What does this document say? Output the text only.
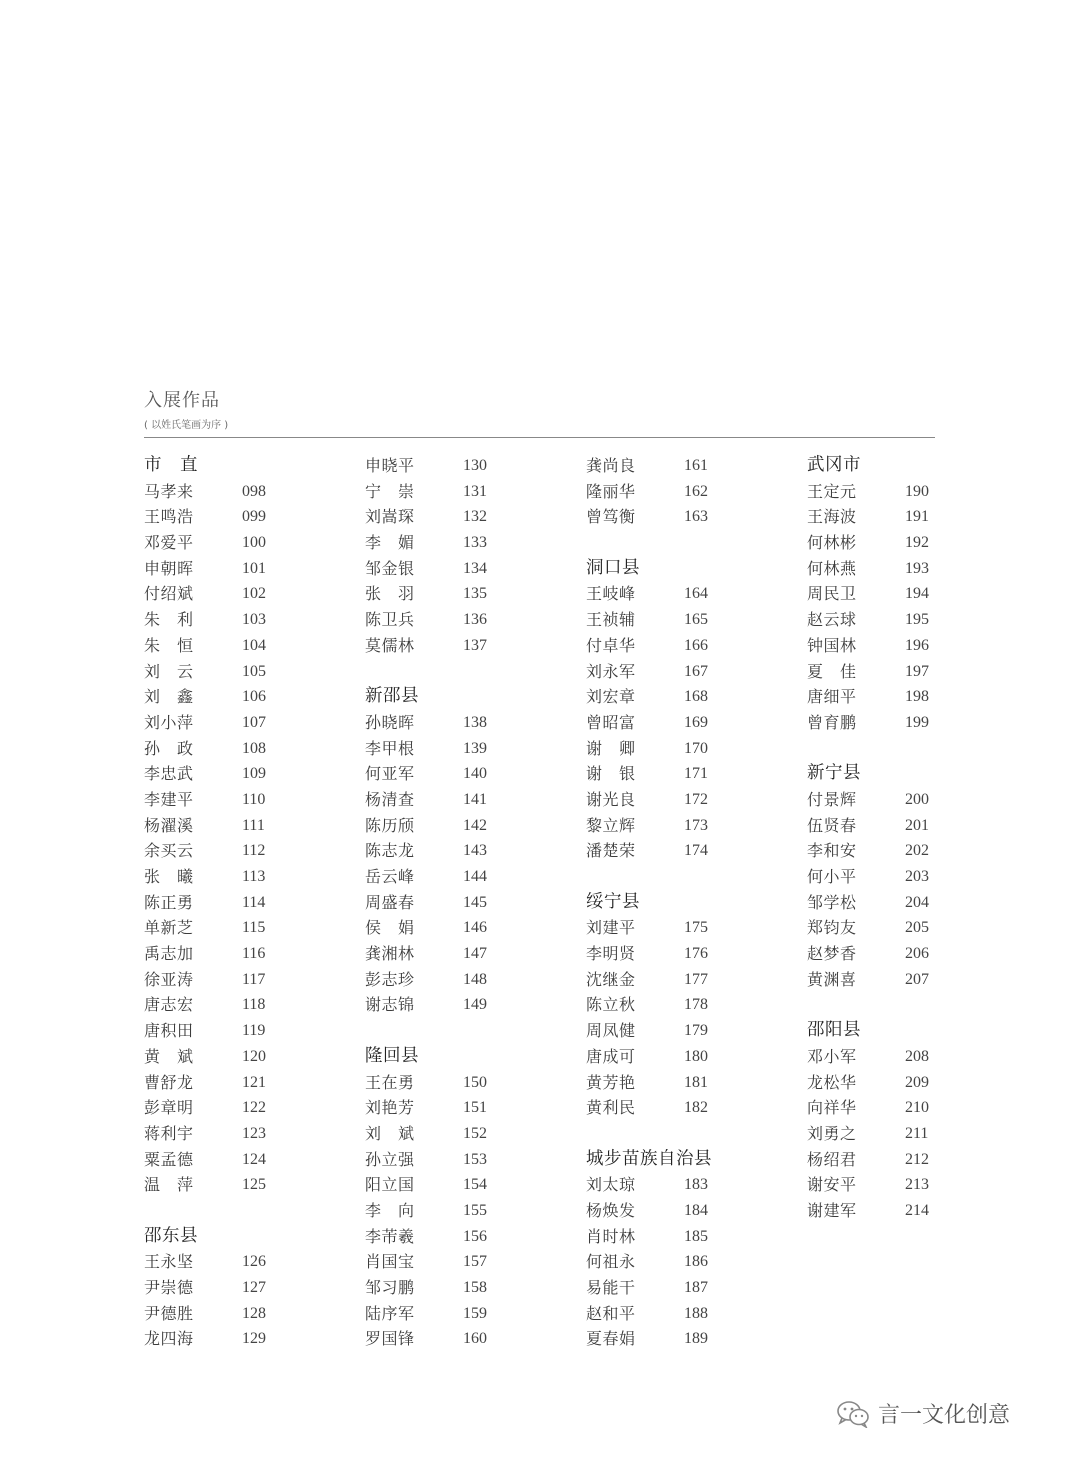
入展作品
( 以姓氏笔画为序 )
市　直
马孝来	098
王鸣浩	099
邓爱平	100
申朝晖	101
付绍斌	102
朱　利	103
朱　恒	104
刘　云	105
刘　鑫	106
刘小萍	107
孙　政	108
李忠武	109
李建平	110
杨濯溪	111
余买云	112
张　曦	113
陈正勇	114
单新芝	115
禹志加	116
徐亚涛	117
唐志宏	118
唐积田	119
黄　斌	120
曹舒龙	121
彭章明	122
蒋利宇	123
粟孟德	124
温　萍	125
邵东县
王永坚	126
尹崇德	127
尹德胜	128
龙四海	129
申晓平	130
宁　崇	131
刘嵩琛	132
李　媚	133
邹金银	134
张　羽	135
陈卫兵	136
莫儒林	137
新邵县
孙晓晖	138
李甲根	139
何亚军	140
杨清查	141
陈历颀	142
陈志龙	143
岳云峰	144
周盛春	145
侯　娟	146
龚湘林	147
彭志珍	148
谢志锦	149
隆回县
王在勇	150
刘艳芳	151
刘　斌	152
孙立强	153
阳立国	154
李　向	155
李芾羲	156
肖国宝	157
邹习鹏	158
陆序军	159
罗国锋	160
龚尚良	161
隆丽华	162
曾笃衡	163
洞口县
王岐峰	164
王祯辅	165
付卓华	166
刘永军	167
刘宏章	168
曾昭富	169
谢　卿	170
谢　银	171
谢光良	172
黎立辉	173
潘楚荣	174
绥宁县
刘建平	175
李明贤	176
沈继金	177
陈立秋	178
周凤健	179
唐成可	180
黄芳艳	181
黄利民	182
城步苗族自治县
刘太琼	183
杨焕发	184
肖时林	185
何祖永	186
易能干	187
赵和平	188
夏春娟	189
武冈市
王定元	190
王海波	191
何林彬	192
何林燕	193
周民卫	194
赵云球	195
钟国林	196
夏　佳	197
唐细平	198
曾育鹏	199
新宁县
付景辉	200
伍贤春	201
李和安	202
何小平	203
邹学松	204
郑钧友	205
赵梦香	206
黄渊喜	207
邵阳县
邓小军	208
龙松华	209
向祥华	210
刘勇之	211
杨绍君	212
谢安平	213
谢建军	214
言一文化创意
